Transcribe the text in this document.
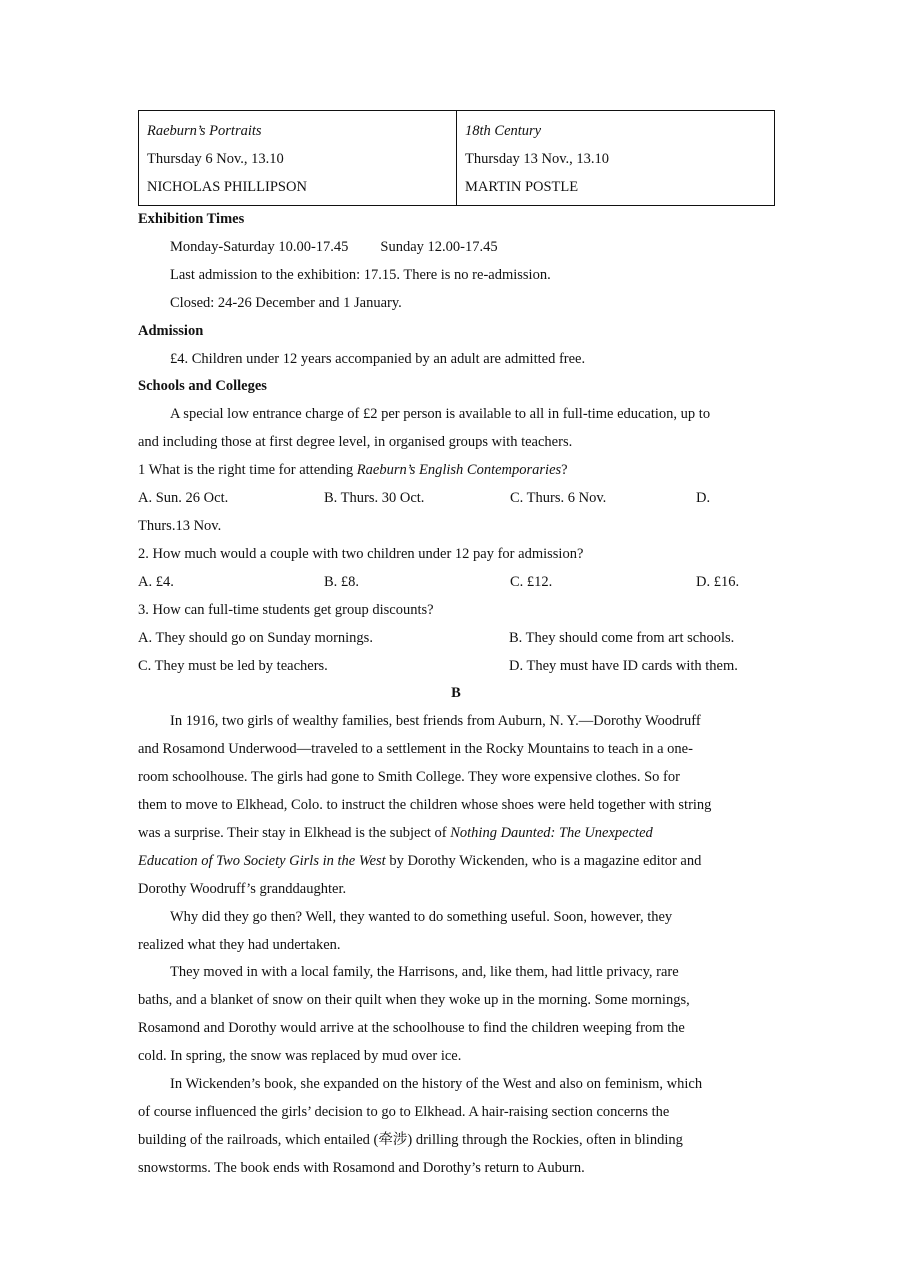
Raeburn’s Portraits
Thursday 6 Nov., 13.10
NICHOLAS PHILLIPSON

18th Century
Thursday 13 Nov., 13.10
MARTIN POSTLE
Exhibition Times
Monday-Saturday 10.00-17.45 Sunday 12.00-17.45
Last admission to the exhibition: 17.15. There is no re-admission.
Closed: 24-26 December and 1 January.
Admission
£4. Children under 12 years accompanied by an adult are admitted free.
Schools and Colleges
A special low entrance charge of £2 per person is available to all in full-time education, up to
and including those at first degree level, in organised groups with teachers.
1 What is the right time for attending Raeburn’s English Contemporaries?
A. Sun. 26 Oct.	B. Thurs. 30 Oct.	C. Thurs. 6 Nov.	D.
Thurs.13 Nov.
2. How much would a couple with two children under 12 pay for admission?
A. £4.	B. £8.	C. £12.	D. £16.
3. How can full-time students get group discounts?
A. They should go on Sunday mornings.	B. They should come from art schools.
C. They must be led by teachers.	D. They must have ID cards with them.
B
In 1916, two girls of wealthy families, best friends from Auburn, N. Y.—Dorothy Woodruff
and Rosamond Underwood—traveled to a settlement in the Rocky Mountains to teach in a one-
room schoolhouse. The girls had gone to Smith College. They wore expensive clothes. So for
them to move to Elkhead, Colo. to instruct the children whose shoes were held together with string
was a surprise. Their stay in Elkhead is the subject of Nothing Daunted: The Unexpected
Education of Two Society Girls in the West by Dorothy Wickenden, who is a magazine editor and
Dorothy Woodruff’s granddaughter.
Why did they go then? Well, they wanted to do something useful. Soon, however, they
realized what they had undertaken.
They moved in with a local family, the Harrisons, and, like them, had little privacy, rare
baths, and a blanket of snow on their quilt when they woke up in the morning. Some mornings,
Rosamond and Dorothy would arrive at the schoolhouse to find the children weeping from the
cold. In spring, the snow was replaced by mud over ice.
In Wickenden’s book, she expanded on the history of the West and also on feminism, which
of course influenced the girls’ decision to go to Elkhead. A hair-raising section concerns the
building of the railroads, which entailed (牵涉) drilling through the Rockies, often in blinding
snowstorms. The book ends with Rosamond and Dorothy’s return to Auburn.
